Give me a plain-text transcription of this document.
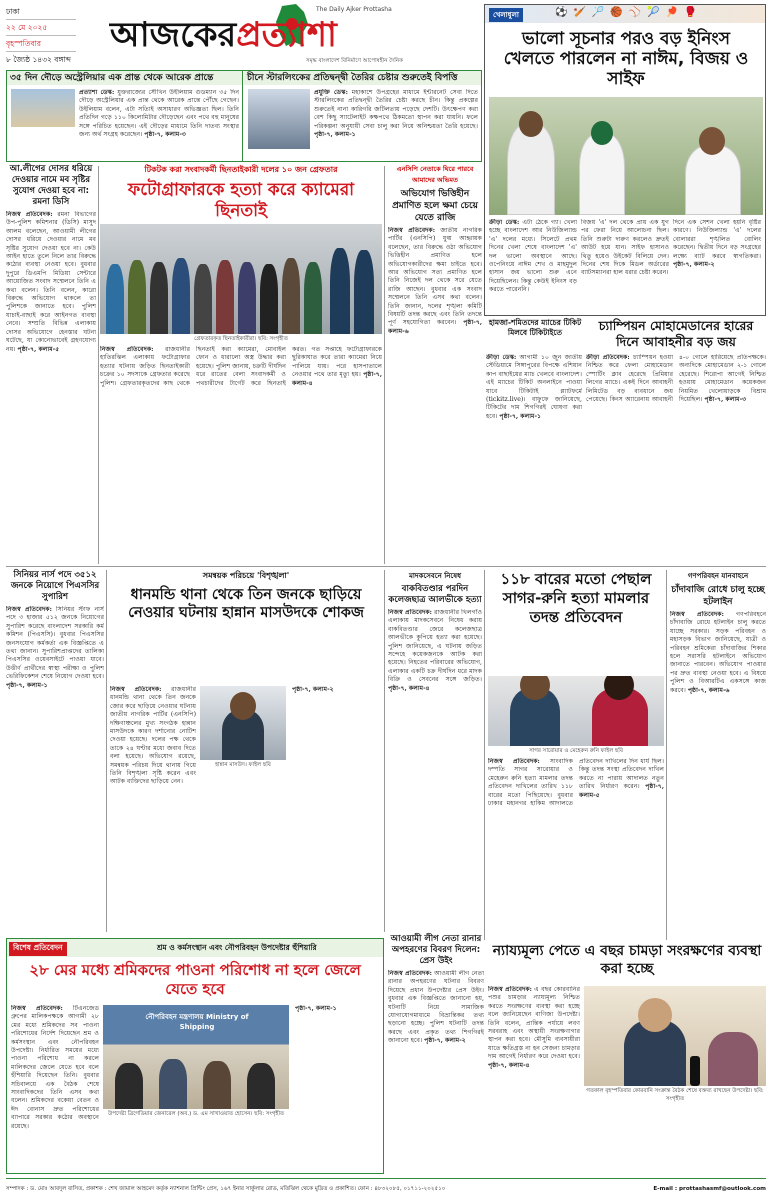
ঢাকা
২২ মে ২০২৫
বৃহস্পতিবার
৮ জ্যৈষ্ঠ ১৪৩২ বঙ্গাব্দ
The Daily Ajker Prottasha
আজকেরপ্রত্যাশা
সমৃদ্ধ বাংলাদেশ বিনির্মাণে আপোষহীন দৈনিক
খেলাধুলা	⚽🏏🏸🏀⚾🎾🏓🥊
ভালো সূচনার পরও বড় ইনিংস খেলতে পারলেন না নাঈম, বিজয় ও সাইফ
ক্রীড়া ডেস্ক: এটা ঠেকে গ্যা। খেলা হচ্ছে বাংলাদেশ আর নিউজিল্যান্ড 'এ' দলের মধ্যে। সিলেটে প্রথম দিনের খেলা শেষে বাংলাদেশ 'এ' দল ভালো অবস্থানে আছে। ওপেনিংয়ে নাঈম শেখ ও মাহমুদুল হাসান জয় ভালো শুরু এনে দিয়েছিলেন। কিন্তু কেউই ইনিংস বড় করতে পারেননি।
বিজয় 'এ' দল থেকে প্রায় এক যুগ পর ফেরা নিয়ে আলোচনা ছিল। তিনি শুরুটা দারুণ করলেও দ্রুতই আউট হয়ে যান। সাইফ হাসানও থিতু হয়েও উইকেট বিলিয়ে দেন। দিনের শেষ দিকে মিডল অর্ডারের ব্যাটসম্যানরা হাল ধরার চেষ্টা করেন।
দিনে এক সেশন খেলা হয়নি বৃষ্টির কারণে। নিউজিল্যান্ড 'এ' দলের বোলাররা শৃঙ্খলিত বোলিং করেছেন। দ্বিতীয় দিনে বড় সংগ্রহের লক্ষ্যে ব্যাট করবে স্বাগতিকরা। পৃষ্ঠা-৭, কলাম-২
৩৫ দিন দৌড়ে অস্ট্রেলিয়ার এক প্রান্ত থেকে আরেক প্রান্তে
প্রত্যাশা ডেস্ক: যুক্তরাজ্যের সৌখিন উইলিয়াম গুডম্যান ৩৫ দিন দৌড়ে অস্ট্রেলিয়ার এক প্রান্ত থেকে আরেক প্রান্তে পৌঁছে গেছেন। উইলিয়াম বলেন, এটা সত্যিই অসাধারণ অভিজ্ঞতা ছিল। তিনি প্রতিদিন গড়ে ১১০ কিলোমিটার দৌড়েছেন এবং পথে বহু মানুষের সঙ্গে পরিচিত হয়েছেন। এই দৌড়ের মাধ্যমে তিনি দাতব্য সংস্থার জন্য অর্থ সংগ্রহ করেছেন। পৃষ্ঠা-৭, কলাম-৩
চীনে স্টারলিংকের প্রতিদ্বন্দ্বী তৈরির চেষ্টার শুরুতেই বিপত্তি
প্রযুক্তি ডেস্ক: মহাকাশে উপগ্রহের মাধ্যমে ইন্টারনেট সেবা দিতে স্টারলিংকের প্রতিদ্বন্দ্বী তৈরির চেষ্টা করছে চীন। কিন্তু প্রকল্পের শুরুতেই নানা কারিগরি জটিলতায় পড়েছে দেশটি। উৎক্ষেপণ করা বেশ কিছু স্যাটেলাইট কক্ষপথে ঠিকমতো স্থাপন করা যায়নি। ফলে পরিকল্পনা অনুযায়ী সেবা চালু করা নিয়ে অনিশ্চয়তা তৈরি হয়েছে। পৃষ্ঠা-৭, কলাম-১
আ.লীগের দোসর ধরিয়ে দেওয়ার নামে মব সৃষ্টির সুযোগ দেওয়া হবে না: রমনা ডিসি
নিজস্ব প্রতিবেদক: রমনা বিভাগের উপ-পুলিশ কমিশনার (ডিসি) মাসুদ আলম বলেছেন, আওয়ামী লীগের দোসর ধরিয়ে দেওয়ার নামে মব সৃষ্টির সুযোগ দেওয়া হবে না। কেউ আইন হাতে তুলে নিলে তার বিরুদ্ধে কঠোর ব্যবস্থা নেওয়া হবে। বুধবার দুপুরে ডিএমপি মিডিয়া সেন্টারে আয়োজিত সংবাদ সম্মেলনে তিনি এ কথা বলেন। তিনি বলেন, কারো বিরুদ্ধে অভিযোগ থাকলে তা পুলিশকে জানাতে হবে। পুলিশ যাচাই-বাছাই করে আইনগত ব্যবস্থা নেবে। সম্প্রতি বিভিন্ন এলাকায় দোসর অভিযোগে হেনস্তার ঘটনা ঘটেছে, যা কোনোভাবেই গ্রহণযোগ্য নয়। পৃষ্ঠা-৭, কলাম-৫
টিকটক করা সংবাদকর্মী ছিনতাইকারী দলের ১০ জন গ্রেফতার
ফটোগ্রাফারকে হত্যা করে ক্যামেরা ছিনতাই
গ্রেফতারকৃত ছিনতাইকারীরা। ছবি: সংগৃহীত
নিজস্ব প্রতিবেদক: রাজধানীর হাতিরঝিল এলাকায় ফটোগ্রাফার হত্যার ঘটনায় জড়িত ছিনতাইকারী চক্রের ১০ সদস্যকে গ্রেফতার করেছে পুলিশ। গ্রেফতারকৃতদের কাছ থেকে ছিনতাই করা ক্যামেরা, মোবাইল ফোন ও ধারালো অস্ত্র উদ্ধার করা হয়েছে। পুলিশ জানায়, চক্রটি দীর্ঘদিন ধরে রাতের বেলা সংবাদকর্মী ও পথচারীদের টার্গেট করে ছিনতাই করত। গত সপ্তাহে ফটোগ্রাফারকে ছুরিকাঘাত করে তারা ক্যামেরা নিয়ে পালিয়ে যায়। পরে হাসপাতালে নেওয়ার পথে তার মৃত্যু হয়। পৃষ্ঠা-৭, কলাম-৪
এনসিপি নেতাকে ঘিরে পারবে আমাদের অভিমত
অভিযোগ ভিত্তিহীন প্রমাণিত হলে ক্ষমা চেয়ে যেতে রাজি
নিজস্ব প্রতিবেদক: জাতীয় নাগরিক পার্টির (এনসিপি) যুগ্ম আহ্বায়ক বলেছেন, তার বিরুদ্ধে ওঠা অভিযোগ ভিত্তিহীন প্রমাণিত হলে অভিযোগকারীদের ক্ষমা চাইতে হবে। আর অভিযোগ সত্য প্রমাণিত হলে তিনি নিজেই দল থেকে সরে যেতে রাজি আছেন। বুধবার এক সংবাদ সম্মেলনে তিনি এসব কথা বলেন। তিনি জানান, দলের শৃঙ্খলা কমিটি বিষয়টি তদন্ত করছে এবং তিনি তদন্তে পূর্ণ সহযোগিতা করবেন। পৃষ্ঠা-৭, কলাম-৬
হামজা-শমিতদের ম্যাচের টিকিট মিলবে টিকিটাইতে	চ্যাম্পিয়ন মোহামেডানের হারের দিনে আবাহনীর বড় জয়
ক্রীড়া ডেস্ক: আগামী ১০ জুন জাতীয় স্টেডিয়ামে সিঙ্গাপুরের বিপক্ষে এশিয়ান কাপ বাছাইয়ের ম্যাচ খেলবে বাংলাদেশ। এই ম্যাচের টিকিট অনলাইনে পাওয়া যাবে টিকিটাই প্ল্যাটফর্মে (tickitz.live)। বাফুফে জানিয়েছে, টিকিটের দাম শিগগিরই ঘোষণা করা হবে। পৃষ্ঠা-৭, কলাম-১
ক্রীড়া প্রতিবেদক: চ্যাম্পিয়ন হওয়া নিশ্চিত করে ফেলা মোহামেডান স্পোর্টিং ক্লাব হেরেছে প্রিমিয়ার লিগের ম্যাচে। একই দিনে আবাহনী লিমিটেড বড় ব্যবধানে জয় পেয়েছে। কিংস অ্যারেনায় আবাহনী ৪-০ গোলে হারিয়েছে প্রতিপক্ষকে। অন্যদিকে মোহামেডান ২-১ গোলে হেরেছে। শিরোপা আগেই নিশ্চিত হওয়ায় মোহামেডান কয়েকজন নিয়মিত খেলোয়াড়কে বিশ্রাম দিয়েছিল। পৃষ্ঠা-৭, কলাম-৩
সিনিয়র নার্স পদে ৩৫১২ জনকে নিয়োগে পিএসসির সুপারিশ
নিজস্ব প্রতিবেদক: সিনিয়র স্টাফ নার্স পদে ৩ হাজার ৫১২ জনকে নিয়োগের সুপারিশ করেছে বাংলাদেশ সরকারি কর্ম কমিশন (পিএসসি)। বুধবার পিএসসির জনসংযোগ কর্মকর্তা এক বিজ্ঞপ্তিতে এ তথ্য জানান। সুপারিশপ্রাপ্তদের তালিকা পিএসসির ওয়েবসাইটে পাওয়া যাবে। উত্তীর্ণ প্রার্থীদের স্বাস্থ্য পরীক্ষা ও পুলিশ ভেরিফিকেশন শেষে নিয়োগ দেওয়া হবে। পৃষ্ঠা-৭, কলাম-১
সমন্বয়ক পরিচয়ে 'বিশৃঙ্খলা'
ধানমন্ডি থানা থেকে তিন জনকে ছাড়িয়ে নেওয়ার ঘটনায় হান্নান মাসউদকে শোকজ
হান্নান মাসউদ। ফাইল ছবি
নিজস্ব প্রতিবেদক: রাজধানীর ধানমন্ডি থানা থেকে তিন জনকে জোর করে ছাড়িয়ে নেওয়ার ঘটনায় জাতীয় নাগরিক পার্টির (এনসিপি) দক্ষিণাঞ্চলের মুখ্য সংগঠক হান্নান মাসউদকে কারণ দর্শানোর নোটিশ দেওয়া হয়েছে। দলের পক্ষ থেকে তাকে ২৪ ঘণ্টার মধ্যে জবাব দিতে বলা হয়েছে। অভিযোগ রয়েছে, সমন্বয়ক পরিচয় দিয়ে থানায় গিয়ে তিনি বিশৃঙ্খলা সৃষ্টি করেন এবং আটক ব্যক্তিদের ছাড়িয়ে নেন।
পৃষ্ঠা-৭, কলাম-২
মাদকসেবনে নিষেধ
বাকবিতণ্ডার পরদিন কলেজছাত্র আলভীকে হত্যা
নিজস্ব প্রতিবেদক: রাজধানীর খিলগাঁও এলাকায় মাদকসেবনে নিষেধ করায় বাকবিতণ্ডার জেরে কলেজছাত্র আলভীকে কুপিয়ে হত্যা করা হয়েছে। পুলিশ জানিয়েছে, এ ঘটনায় জড়িত সন্দেহে কয়েকজনকে আটক করা হয়েছে। নিহতের পরিবারের অভিযোগ, এলাকার একটি চক্র দীর্ঘদিন ধরে মাদক বিক্রি ও সেবনের সঙ্গে জড়িত। পৃষ্ঠা-৭, কলাম-৪
আওয়ামী লীগ নেতা রানার অপহরণের বিবরণ দিলেন: প্রেস উইং
নিজস্ব প্রতিবেদক: আওয়ামী লীগ নেতা রানার অপহরণের ঘটনার বিবরণ দিয়েছে প্রধান উপদেষ্টার প্রেস উইং। বুধবার এক বিজ্ঞপ্তিতে জানানো হয়, ঘটনাটি নিয়ে সামাজিক যোগাযোগমাধ্যমে বিভ্রান্তিকর তথ্য ছড়ানো হচ্ছে। পুলিশ ঘটনাটি তদন্ত করছে এবং প্রকৃত তথ্য শিগগিরই জানানো হবে। পৃষ্ঠা-৭, কলাম-২
১১৮ বারের মতো পেছাল সাগর-রুনি হত্যা মামলার তদন্ত প্রতিবেদন
সাগর সারোয়ার ও মেহেরুন রুনি ফাইল ছবি
নিজস্ব প্রতিবেদক: সাংবাদিক দম্পতি সাগর সারোয়ার ও মেহেরুন রুনি হত্যা মামলার তদন্ত প্রতিবেদন দাখিলের তারিখ ১১৮ বারের মতো পিছিয়েছে। বুধবার ঢাকার মহানগর হাকিম আদালতে প্রতিবেদন দাখিলের দিন ধার্য ছিল। কিন্তু তদন্ত সংস্থা প্রতিবেদন দাখিল করতে না পারায় আদালত নতুন তারিখ নির্ধারণ করেন। পৃষ্ঠা-৭, কলাম-৫
গণপরিবহন যানবাহনে
চাঁদাবাজি রোধে চালু হচ্ছে হটলাইন
নিজস্ব প্রতিবেদক: গণপরিবহনে চাঁদাবাজি রোধে হটলাইন চালু করতে যাচ্ছে সরকার। সড়ক পরিবহন ও মহাসড়ক বিভাগ জানিয়েছে, যাত্রী ও পরিবহন শ্রমিকেরা চাঁদাবাজির শিকার হলে সরাসরি হটলাইনে অভিযোগ জানাতে পারবেন। অভিযোগ পাওয়ার পর দ্রুত ব্যবস্থা নেওয়া হবে। এ বিষয়ে পুলিশ ও বিআরটিএ একসঙ্গে কাজ করবে। পৃষ্ঠা-৭, কলাম-৬
বিশেষ প্রতিবেদন	শ্রম ও কর্মসংস্থান এবং নৌপরিবহন উপদেষ্টার হুঁশিয়ারি
২৮ মের মধ্যে শ্রমিকদের পাওনা পরিশোধ না হলে জেলে যেতে হবে
নৌপরিবহন মন্ত্রণালয় Ministry of Shipping
উপদেষ্টা ব্রিগেডিয়ার জেনারেল (অব.) ড. এম সাখাওয়াত হোসেন। ছবি: সংগৃহীত
নিজস্ব প্রতিবেদক: টিএনজেড গ্রুপের মালিকপক্ষকে আগামী ২৮ মের মধ্যে শ্রমিকদের সব পাওনা পরিশোধের নির্দেশ দিয়েছেন শ্রম ও কর্মসংস্থান এবং নৌপরিবহন উপদেষ্টা। নির্ধারিত সময়ের মধ্যে পাওনা পরিশোধ না করলে মালিকদের জেলে যেতে হবে বলে হুঁশিয়ারি দিয়েছেন তিনি। বুধবার সচিবালয়ে এক বৈঠক শেষে সাংবাদিকদের তিনি এসব কথা বলেন। শ্রমিকদের বকেয়া বেতন ও ঈদ বোনাস দ্রুত পরিশোধের ব্যাপারে সরকার কঠোর অবস্থানে রয়েছে।
পৃষ্ঠা-৭, কলাম-১
ন্যায্যমূল্য পেতে এ বছর চামড়া সংরক্ষণের ব্যবস্থা করা হচ্ছে
নিজস্ব প্রতিবেদক: এ বছর কোরবানির পশুর চামড়ার ন্যায্যমূল্য নিশ্চিত করতে সংরক্ষণের ব্যবস্থা করা হচ্ছে বলে জানিয়েছেন বাণিজ্য উপদেষ্টা। তিনি বলেন, প্রান্তিক পর্যায়ে লবণ সরবরাহ এবং অস্থায়ী সংরক্ষণাগার স্থাপন করা হবে। মৌসুমি ব্যবসায়ীরা যাতে ক্ষতিগ্রস্ত না হন সেজন্য চামড়ার দাম আগেই নির্ধারণ করে দেওয়া হবে। পৃষ্ঠা-৭, কলাম-৪
গতকাল বৃহস্পতিবার কোরবানি সংক্রান্ত বৈঠক শেষে বক্তব্য রাখছেন উপদেষ্টা। ছবি: সংগৃহীত
সম্পাদক : ড. মোঃ আবদুল বাসিত, প্রকাশক : শেখ জামাল আহমেদ কর্তৃক ন্যাশনাল প্রিন্টিং প্রেস, ১৬৭ ইনার সার্কুলার রোড, মতিঝিল থেকে মুদ্রিত ও প্রকাশিত। ফোন : ৪৮৩২০৮৫, ০১৭১১-২০২৫১০	E-mail : prottashasmf@outlook.com
